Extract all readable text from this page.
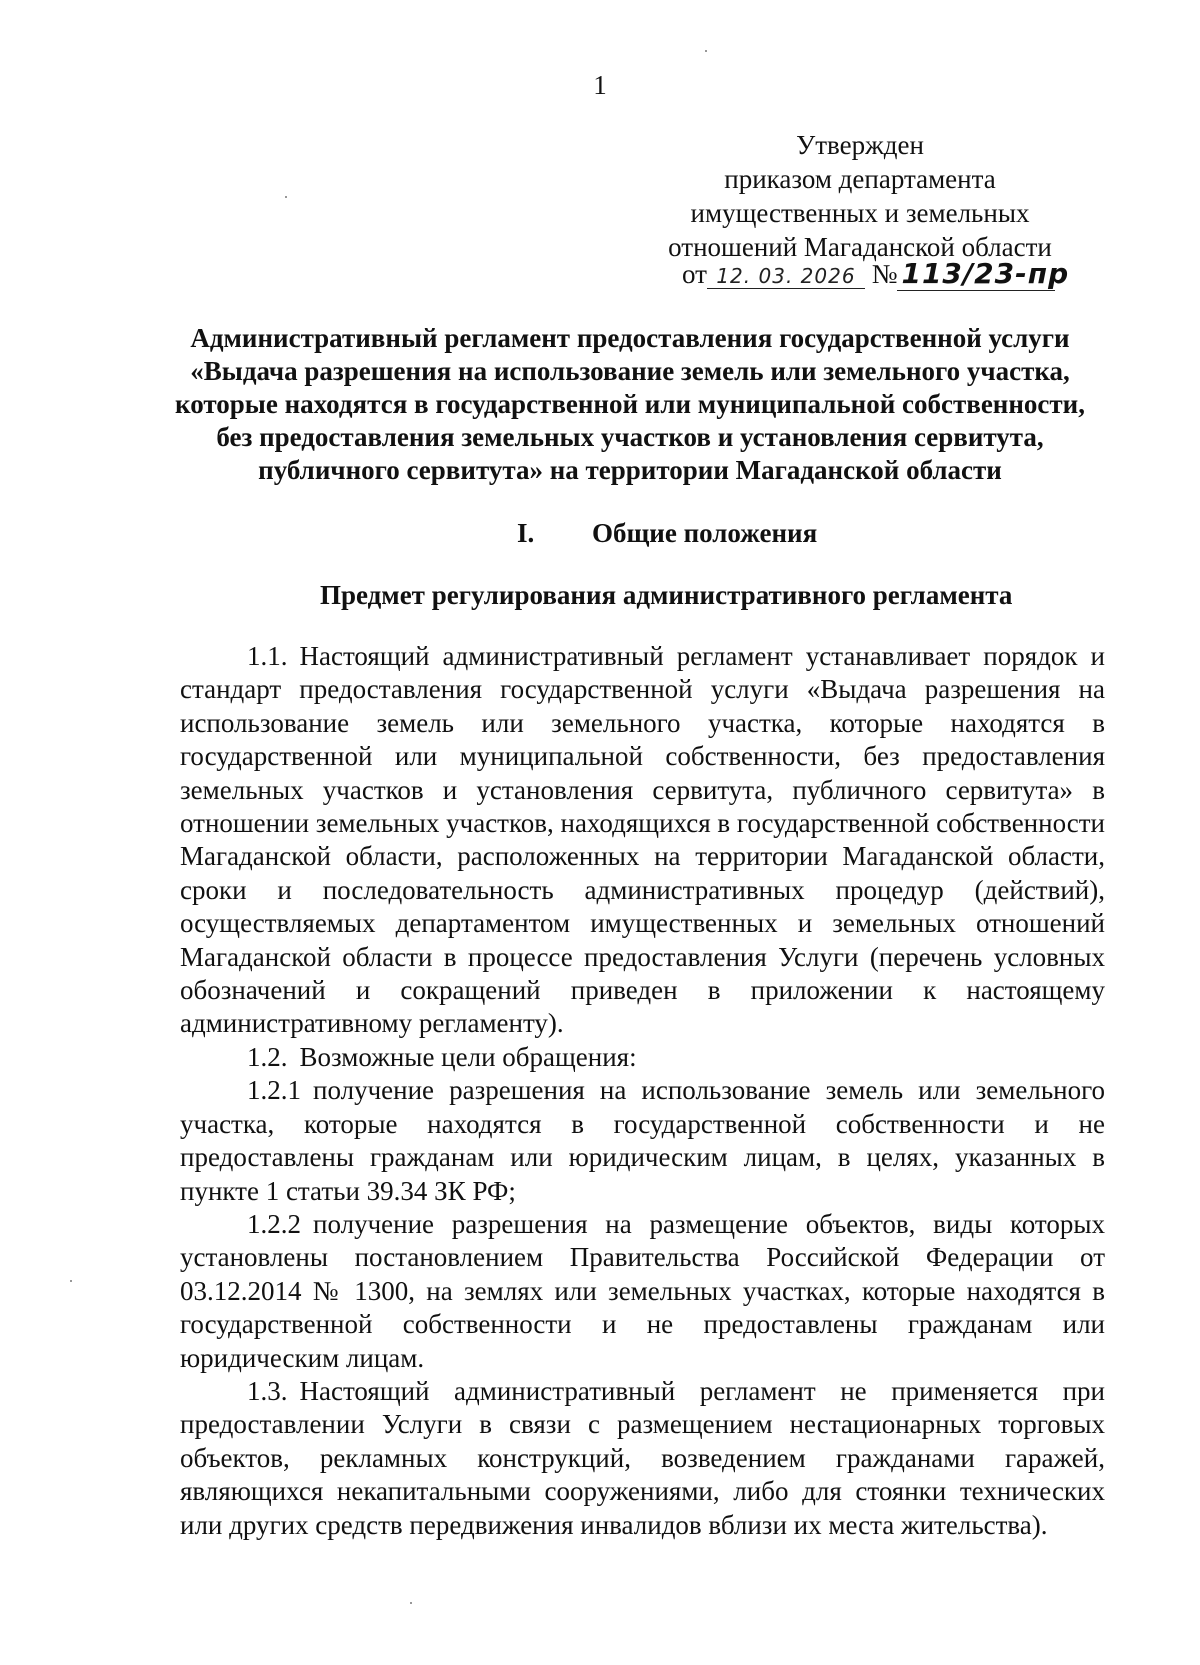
1
Утвержден
приказом департамента
имущественных и земельных
отношений Магаданской области
от 12. 03. 2026 № 113/23-пр
Административный регламент предоставления государственной услуги «Выдача разрешения на использование земель или земельного участка, которые находятся в государственной или муниципальной собственности, без предоставления земельных участков и установления сервитута, публичного сервитута» на территории Магаданской области
I. Общие положения
Предмет регулирования административного регламента

1.1. Настоящий административный регламент устанавливает порядок и стандарт предоставления государственной услуги «Выдача разрешения на использование земель или земельного участка, которые находятся в государственной или муниципальной собственности, без предоставления земельных участков и установления сервитута, публичного сервитута» в отношении земельных участков, находящихся в государственной собственности Магаданской области, расположенных на территории Магаданской области, сроки и последовательность административных процедур (действий), осуществляемых департаментом имущественных и земельных отношений Магаданской области в процессе предоставления Услуги (перечень условных обозначений и сокращений приведен в приложении к настоящему административному регламенту).

1.2. Возможные цели обращения:

1.2.1 получение разрешения на использование земель или земельного участка, которые находятся в государственной собственности и не предоставлены гражданам или юридическим лицам, в целях, указанных в пункте 1 статьи 39.34 ЗК РФ;

1.2.2 получение разрешения на размещение объектов, виды которых установлены постановлением Правительства Российской Федерации от 03.12.2014 № 1300, на землях или земельных участках, которые находятся в государственной собственности и не предоставлены гражданам или юридическим лицам.

1.3. Настоящий административный регламент не применяется при предоставлении Услуги в связи с размещением нестационарных торговых объектов, рекламных конструкций, возведением гражданами гаражей, являющихся некапитальными сооружениями, либо для стоянки технических или других средств передвижения инвалидов вблизи их места жительства).
